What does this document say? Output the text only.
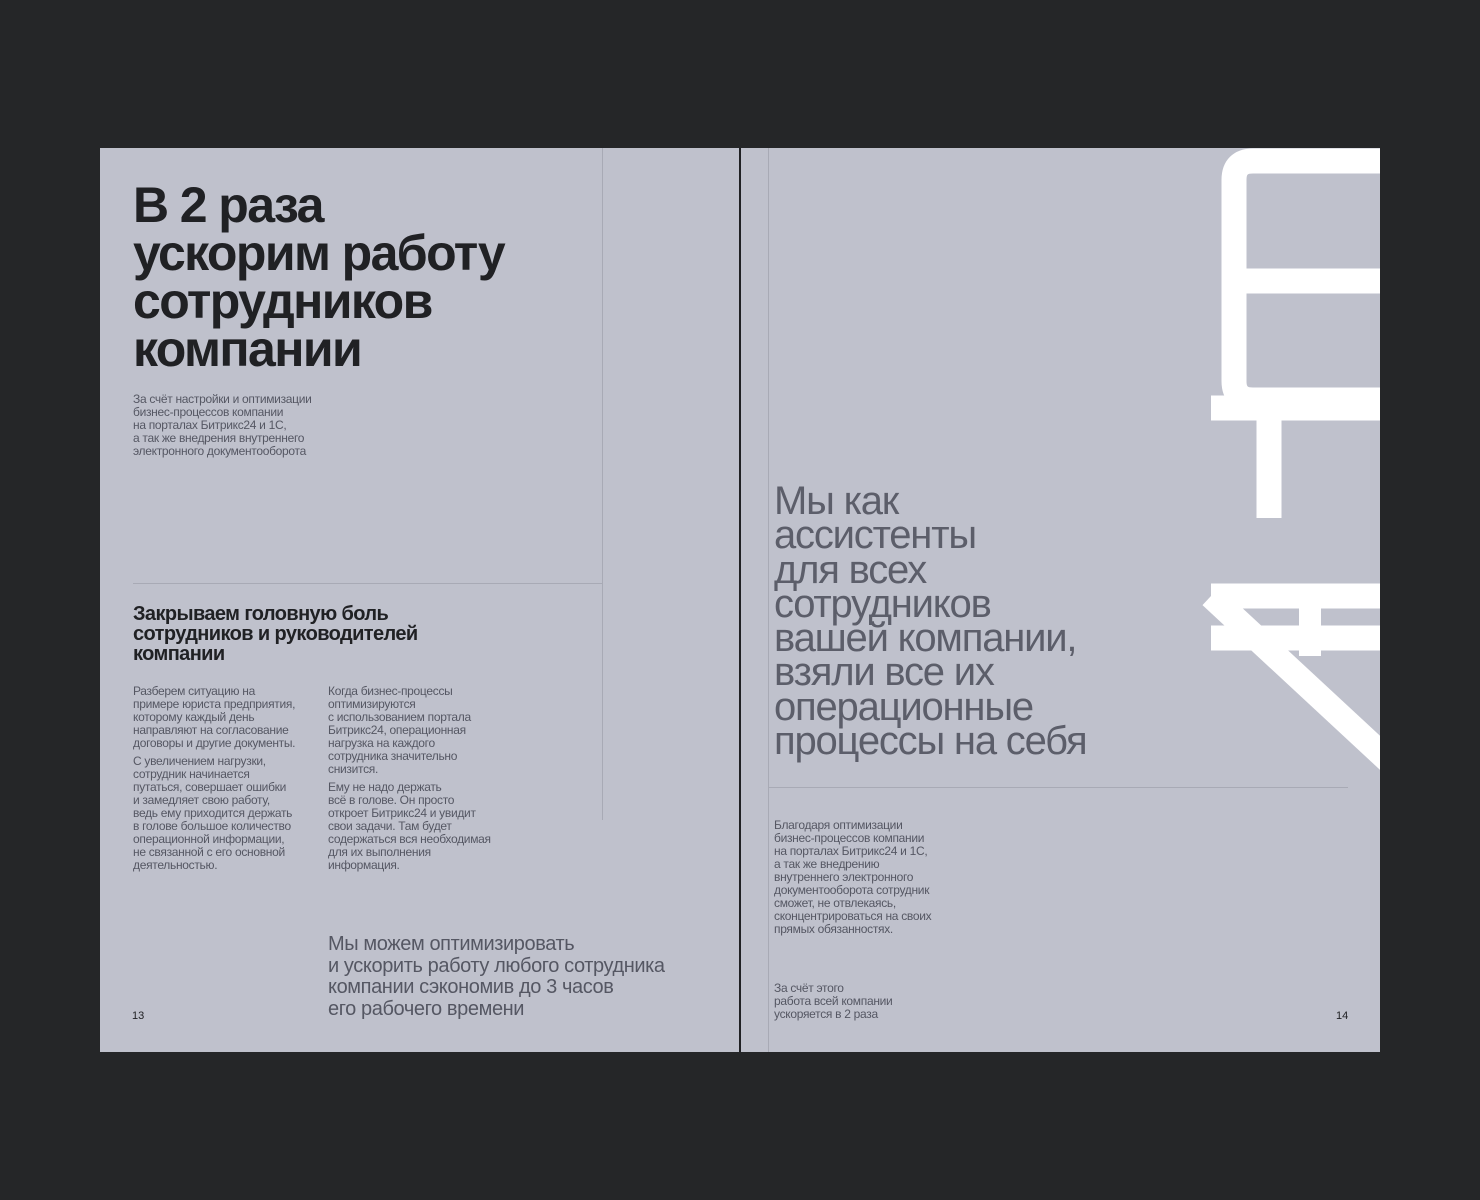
В 2 раза
ускорим работу
сотрудников
компании

За счёт настройки и оптимизации
бизнес-процессов компании
на порталах Битрикс24 и 1С,
а так же внедрения внутреннего
электронного документооборота

Закрываем головную боль
сотрудников и руководителей
компании

Разберем ситуацию на
примере юриста предприятия,
которому каждый день
направляют на согласование
договоры и другие документы.

С увеличением нагрузки,
сотрудник начинается
путаться, совершает ошибки
и замедляет свою работу,
ведь ему приходится держать
в голове большое количество
операционной информации,
не связанной с его основной
деятельностью.

Когда бизнес-процессы
оптимизируются
с использованием портала
Битрикс24, операционная
нагрузка на каждого
сотрудника значительно
снизится.

Ему не надо держать
всё в голове. Он просто
откроет Битрикс24 и увидит
свои задачи. Там будет
содержаться вся необходимая
для их выполнения
информация.

Мы можем оптимизировать
и ускорить работу любого сотрудника
компании сэкономив до 3 часов
его рабочего времени

13

Мы как
ассистенты
для всех
сотрудников
вашей компании,
взяли все их
операционные
процессы на себя

Благодаря оптимизации
бизнес-процессов компании
на порталах Битрикс24 и 1С,
а так же внедрению
внутреннего электронного
документооборота сотрудник
сможет, не отвлекаясь,
сконцентрироваться на своих
прямых обязанностях.

За счёт этого
работа всей компании
ускоряется в 2 раза	14
